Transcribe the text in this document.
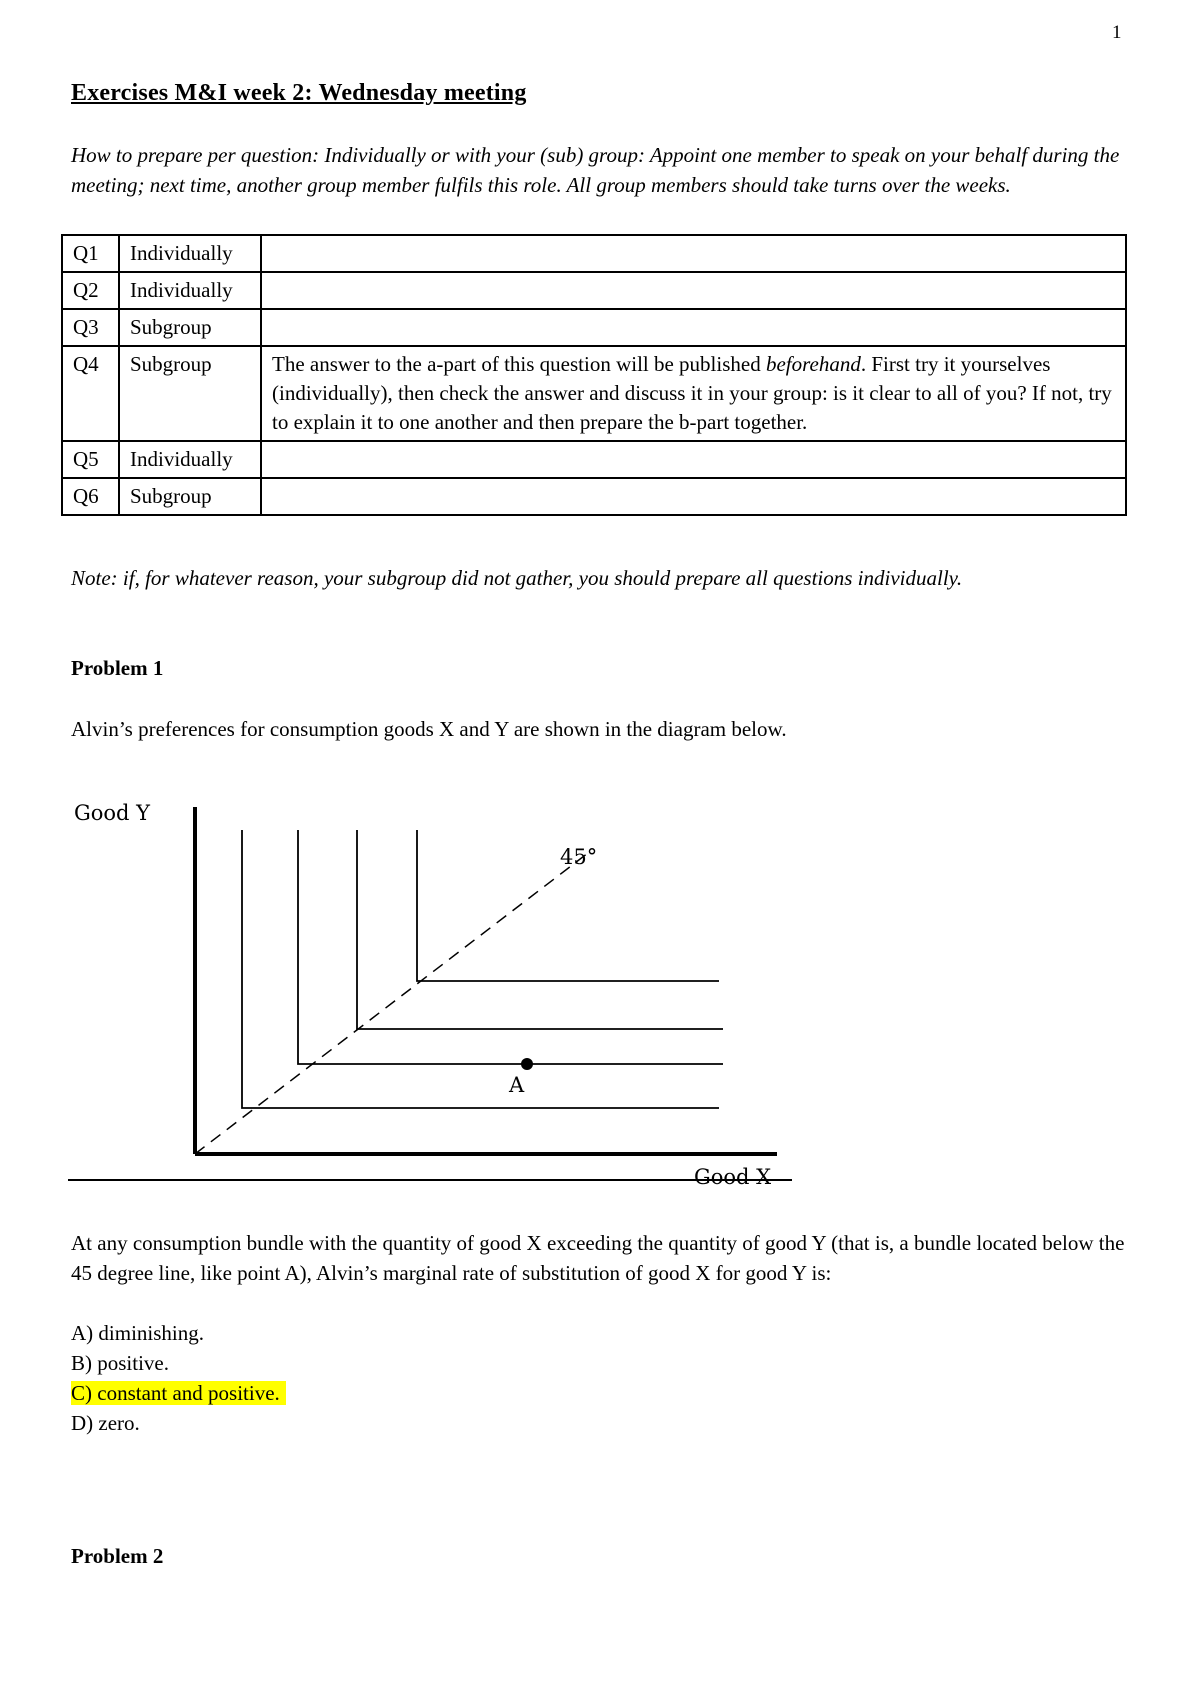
1
Exercises M&I week 2: Wednesday meeting

How to prepare per question: Individually or with your (sub) group: Appoint one member to speak on your behalf during the meeting; next time, another group member fulfils this role. All group members should take turns over the weeks.

Q1	Individually	
Q2	Individually	
Q3	Subgroup	
Q4	Subgroup	The answer to the a-part of this question will be published beforehand. First try it yourselves (individually), then check the answer and discuss it in your group: is it clear to all of you? If not, try to explain it to one another and then prepare the b-part together.
Q5	Individually	
Q6	Subgroup	

Note: if, for whatever reason, your subgroup did not gather, you should prepare all questions individually.

Problem 1

Alvin’s preferences for consumption goods X and Y are shown in the diagram below.

Good Y
Good X
45°
A

At any consumption bundle with the quantity of good X exceeding the quantity of good Y (that is, a bundle located below the 45 degree line, like point A), Alvin’s marginal rate of substitution of good X for good Y is:

A) diminishing.
B) positive.
C) constant and positive.
D) zero.
Problem 2
